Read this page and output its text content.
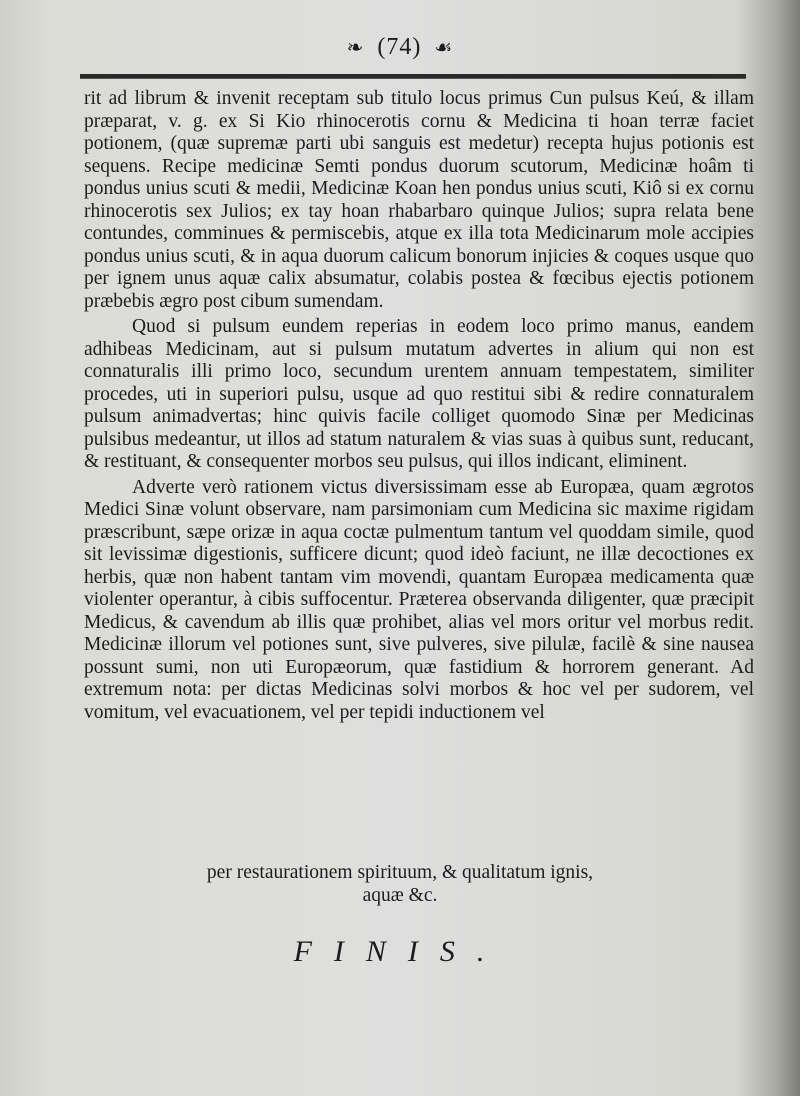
❧ (74) ☙

rit ad librum & invenit receptam sub titulo locus primus Cun pulsus Keú, & illam præparat, v. g. ex Si Kio rhinocerotis cornu & Medicina ti hoan terræ faciet potionem, (quæ supremæ parti ubi sanguis est medetur) recepta hujus potionis est sequens. Recipe medicinæ Semti pondus duorum scutorum, Medicinæ hoâm ti pondus unius scuti & medii, Medicinæ Koan hen pondus unius scuti, Kiô si ex cornu rhinocerotis sex Julios; ex tay hoan rhabarbaro quinque Julios; supra relata bene contundes, comminues & permiscebis, atque ex illa tota Medicinarum mole accipies pondus unius scuti, & in aqua duorum calicum bonorum injicies & coques usque quo per ignem unus aquæ calix absumatur, colabis postea & fœcibus ejectis potionem præbebis ægro post cibum sumendam.

Quod si pulsum eundem reperias in eodem loco primo manus, eandem adhibeas Medicinam, aut si pulsum mutatum advertes in alium qui non est connaturalis illi primo loco, secundum urentem annuam tempestatem, similiter procedes, uti in superiori pulsu, usque ad quo restitui sibi & redire connaturalem pulsum animadvertas; hinc quivis facile colliget quomodo Sinæ per Medicinas pulsibus medeantur, ut illos ad statum naturalem & vias suas à quibus sunt, reducant, & restituant, & consequenter morbos seu pulsus, qui illos indicant, eliminent.

Adverte verò rationem victus diversissimam esse ab Europæa, quam ægrotos Medici Sinæ volunt observare, nam parsimoniam cum Medicina sic maxime rigidam præscribunt, sæpe orizæ in aqua coctæ pulmentum tantum vel quoddam simile, quod sit levissimæ digestionis, sufficere dicunt; quod ideò faciunt, ne illæ decoctiones ex herbis, quæ non habent tantam vim movendi, quantam Europæa medicamenta quæ violenter operantur, à cibis suffocentur. Præterea observanda diligenter, quæ præcipit Medicus, & cavendum ab illis quæ prohibet, alias vel mors oritur vel morbus redit. Medicinæ illorum vel potiones sunt, sive pulveres, sive pilulæ, facilè & sine nausea possunt sumi, non uti Europæorum, quæ fastidium & horrorem generant. Ad extremum nota: per dictas Medicinas solvi morbos & hoc vel per sudorem, vel vomitum, vel evacuationem, vel per tepidi inductionem vel

per restaurationem spirituum, & qualitatum ignis,
aquæ &c.
FINIS.
